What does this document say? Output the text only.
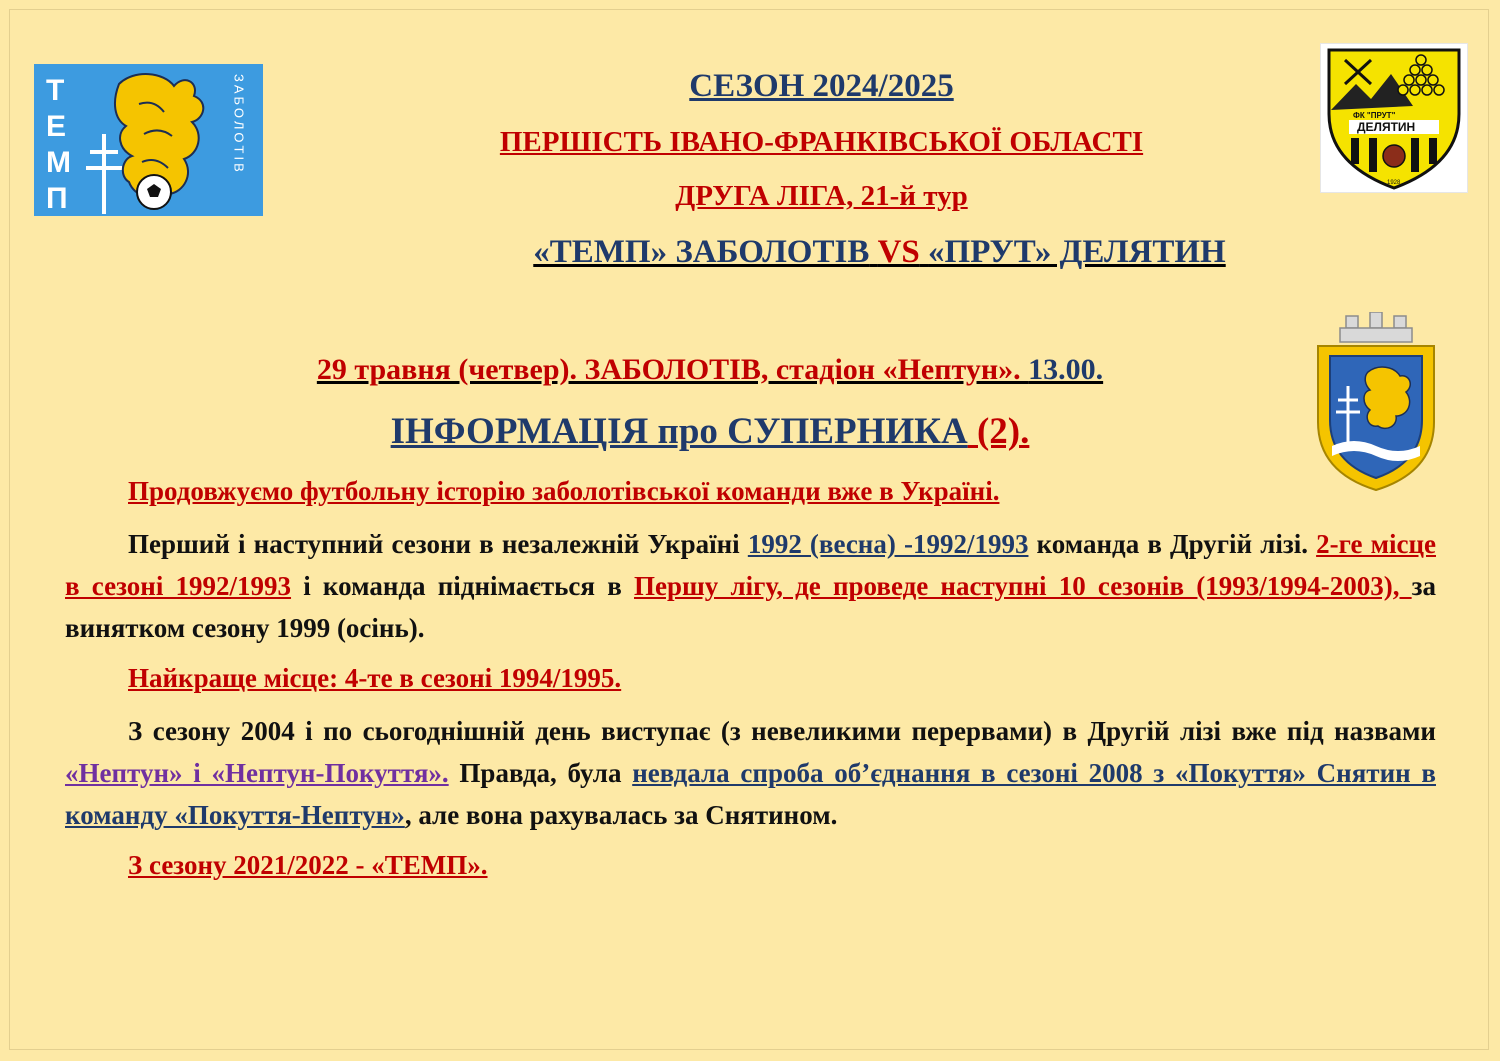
Т
Е
М
П
ЗАБОЛОТІВ	ФК "ПРУТ"
ДЕЛЯТИН
1928
СЕЗОН 2024/2025
ПЕРШІСТЬ ІВАНО-ФРАНКІВСЬКОЇ ОБЛАСТІ
ДРУГА ЛІГА, 21-й тур
«ТЕМП» ЗАБОЛОТІВ VS «ПРУТ» ДЕЛЯТИН
29 травня (четвер). ЗАБОЛОТІВ, стадіон «Нептун». 13.00.
ІНФОРМАЦІЯ про СУПЕРНИКА (2).
Продовжуємо футбольну історію заболотівської команди вже в Україні.
Перший і наступний сезони в незалежній Україні 1992 (весна) -1992/1993 команда в Другій лізі. 2-ге місце в сезоні 1992/1993 і команда піднімається в Першу лігу, де проведе наступні 10 сезонів (1993/1994-2003), за винятком сезону 1999 (осінь).
Найкраще місце: 4-те в сезоні 1994/1995.
З сезону 2004 і по сьогоднішній день виступає (з невеликими перервами) в Другій лізі вже під назвами «Нептун» і «Нептун-Покуття». Правда, була невдала спроба об’єднання в сезоні 2008 з «Покуття» Снятин в команду «Покуття-Нептун», але вона рахувалась за Снятином.
З сезону 2021/2022 - «ТЕМП».
